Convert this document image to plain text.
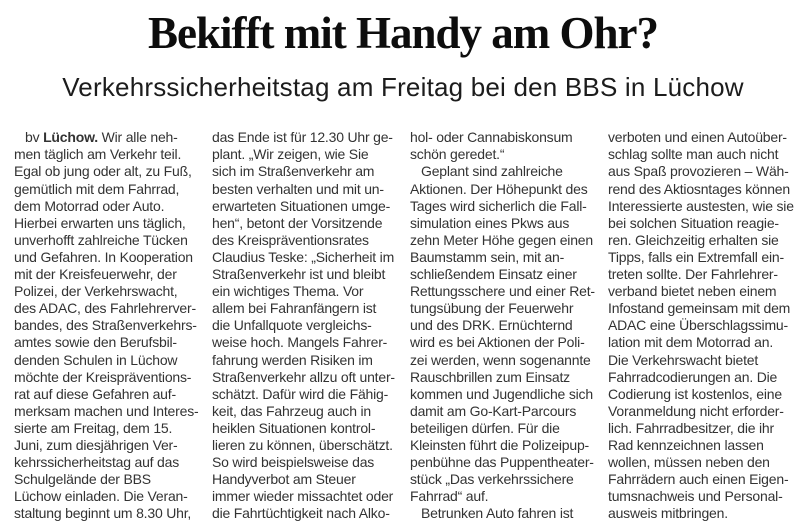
Bekifft mit Handy am Ohr?
Verkehrssicherheitstag am Freitag bei den BBS in Lüchow
bv Lüchow. Wir alle neh-
men täglich am Verkehr teil.
Egal ob jung oder alt, zu Fuß,
gemütlich mit dem Fahrrad,
dem Motorrad oder Auto.
Hierbei erwarten uns täglich,
unverhofft zahlreiche Tücken
und Gefahren. In Kooperation
mit der Kreisfeuerwehr, der
Polizei, der Verkehrswacht,
des ADAC, des Fahrlehrerver-
bandes, des Straßenverkehrs-
amtes sowie den Berufsbil-
denden Schulen in Lüchow
möchte der Kreispräventions-
rat auf diese Gefahren auf-
merksam machen und Interes-
sierte am Freitag, dem 15.
Juni, zum diesjährigen Ver-
kehrssicherheitstag auf das
Schulgelände der BBS
Lüchow einladen. Die Veran-
staltung beginnt um 8.30 Uhr,
das Ende ist für 12.30 Uhr ge-
plant. „Wir zeigen, wie Sie
sich im Straßenverkehr am
besten verhalten und mit un-
erwarteten Situationen umge-
hen“, betont der Vorsitzende
des Kreispräventionsrates
Claudius Teske: „Sicherheit im
Straßenverkehr ist und bleibt
ein wichtiges Thema. Vor
allem bei Fahranfängern ist
die Unfallquote vergleichs-
weise hoch. Mangels Fahrer-
fahrung werden Risiken im
Straßenverkehr allzu oft unter-
schätzt. Dafür wird die Fähig-
keit, das Fahrzeug auch in
heiklen Situationen kontrol-
lieren zu können, überschätzt.
So wird beispielsweise das
Handyverbot am Steuer
immer wieder missachtet oder
die Fahrtüchtigkeit nach Alko-
hol- oder Cannabiskonsum
schön geredet.“
Geplant sind zahlreiche
Aktionen. Der Höhepunkt des
Tages wird sicherlich die Fall-
simulation eines Pkws aus
zehn Meter Höhe gegen einen
Baumstamm sein, mit an-
schließendem Einsatz einer
Rettungsschere und einer Ret-
tungsübung der Feuerwehr
und des DRK. Ernüchternd
wird es bei Aktionen der Poli-
zei werden, wenn sogenannte
Rauschbrillen zum Einsatz
kommen und Jugendliche sich
damit am Go-Kart-Parcours
beteiligen dürfen. Für die
Kleinsten führt die Polizeipup-
penbühne das Puppentheater-
stück „Das verkehrssichere
Fahrrad“ auf.
Betrunken Auto fahren ist
verboten und einen Autoüber-
schlag sollte man auch nicht
aus Spaß provozieren – Wäh-
rend des Aktiosntages können
Interessierte austesten, wie sie
bei solchen Situation reagie-
ren. Gleichzeitig erhalten sie
Tipps, falls ein Extremfall ein-
treten sollte. Der Fahrlehrer-
verband bietet neben einem
Infostand gemeinsam mit dem
ADAC eine Überschlagssimu-
lation mit dem Motorrad an.
Die Verkehrswacht bietet
Fahrradcodierungen an. Die
Codierung ist kostenlos, eine
Voranmeldung nicht erforder-
lich. Fahrradbesitzer, die ihr
Rad kennzeichnen lassen
wollen, müssen neben den
Fahrrädern auch einen Eigen-
tumsnachweis und Personal-
ausweis mitbringen.
